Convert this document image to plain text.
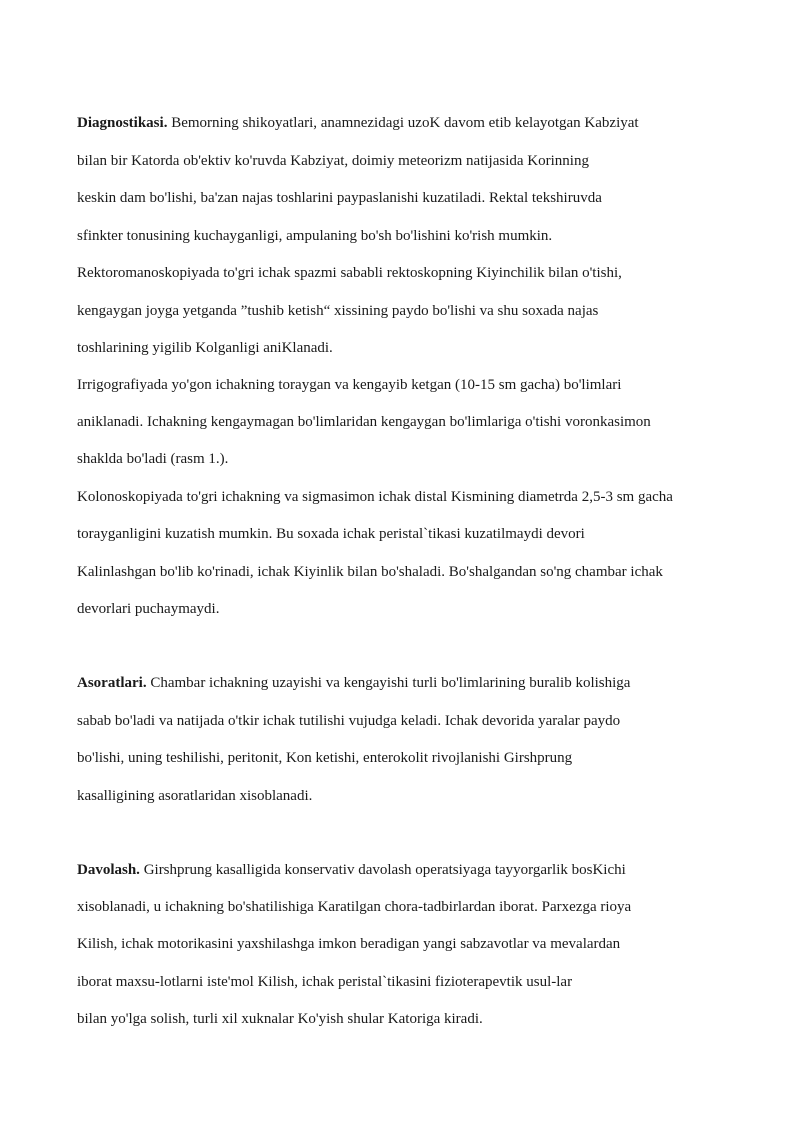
Diagnostikasi. Bemorning shikoyatlari, anamnezidagi uzoK davom etib kelayotgan Kabziyat
bilan bir Katorda ob'ektiv ko'ruvda Kabziyat, doimiy meteorizm natijasida Korinning
keskin dam bo'lishi, ba'zan najas toshlarini paypaslanishi kuzatiladi. Rektal tekshiruvda
sfinkter tonusining kuchayganligi, ampulaning bo'sh bo'lishini ko'rish mumkin.
Rektoromanoskopiyada to'gri ichak spazmi sababli rektoskopning Kiyinchilik bilan o'tishi,
kengaygan joyga yetganda ”tushib ketish“ xissining paydo bo'lishi va shu soxada najas
toshlarining yigilib Kolganligi aniKlanadi.
Irrigografiyada yo'gon ichakning toraygan va kengayib ketgan (10-15 sm gacha) bo'limlari
aniklanadi. Ichakning kengaymagan bo'limlaridan kengaygan bo'limlariga o'tishi voronkasimon
shaklda bo'ladi (rasm 1.).
Kolonoskopiyada to'gri ichakning va sigmasimon ichak distal Kismining diametrda 2,5-3 sm gacha
torayganligini kuzatish mumkin. Bu soxada ichak peristal`tikasi kuzatilmaydi devori
Kalinlashgan bo'lib ko'rinadi, ichak Kiyinlik bilan bo'shaladi. Bo'shalgandan so'ng chambar ichak
devorlari puchaymaydi.
Asoratlari. Chambar ichakning uzayishi va kengayishi turli bo'limlarining buralib kolishiga
sabab bo'ladi va natijada o'tkir ichak tutilishi vujudga keladi. Ichak devorida yaralar paydo
bo'lishi, uning teshilishi, peritonit, Kon ketishi, enterokolit rivojlanishi Girshprung
kasalligining asoratlaridan xisoblanadi.
Davolash. Girshprung kasalligida konservativ davolash operatsiyaga tayyorgarlik bosKichi
xisoblanadi, u ichakning bo'shatilishiga Karatilgan chora-tadbirlardan iborat. Parxezga rioya
Kilish, ichak motorikasini yaxshilashga imkon beradigan yangi sabzavotlar va mevalardan
iborat maxsu-lotlarni iste'mol Kilish, ichak peristal`tikasini fizioterapevtik usul-lar
bilan yo'lga solish, turli xil xuknalar Ko'yish shular Katoriga kiradi.
